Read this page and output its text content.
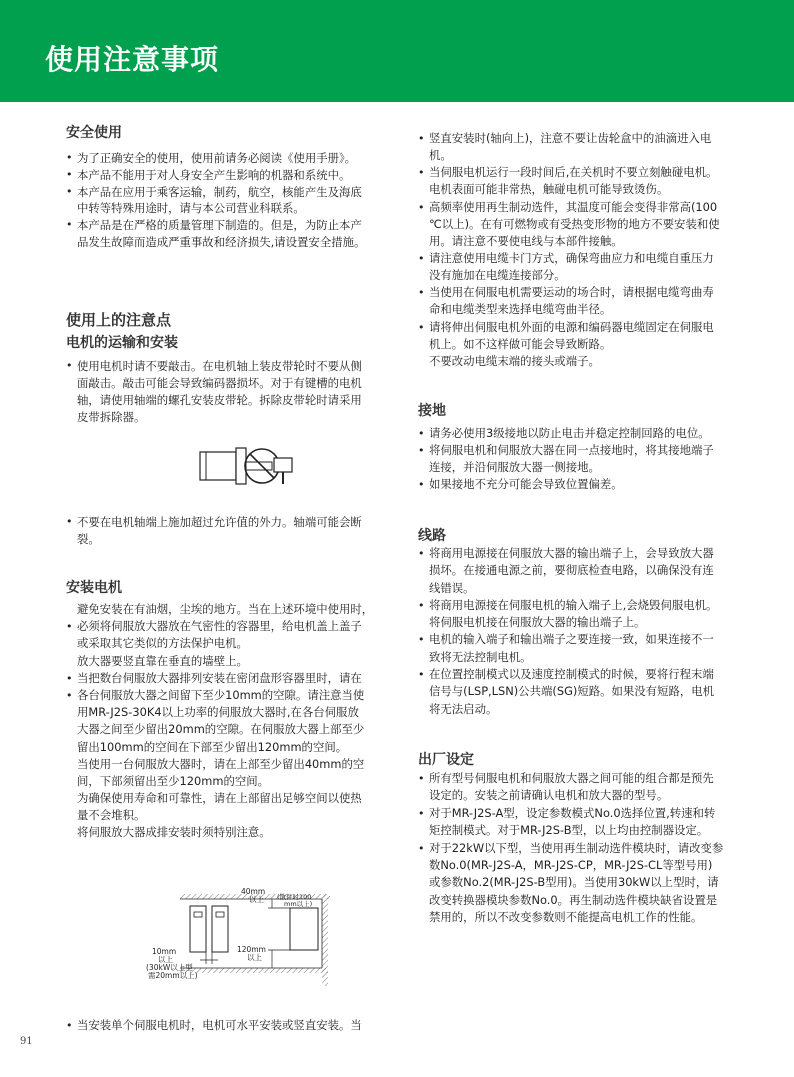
使用注意事项
安全使用
• 为了正确安全的使用，使用前请务必阅读《使用手册》。
• 本产品不能用于对人身安全产生影响的机器和系统中。
• 本产品在应用于乘客运输，制药，航空，核能产生及海底
中转等特殊用途时，请与本公司营业科联系。
• 本产品是在严格的质量管理下制造的。但是，为防止本产
品发生故障而造成严重事故和经济损失,请设置安全措施。
使用上的注意点
电机的运输和安装
• 使用电机时请不要敲击。在电机轴上装皮带轮时不要从侧
面敲击。敲击可能会导致编码器损坏。对于有键槽的电机
轴，请使用轴端的螺孔安装皮带轮。拆除皮带轮时请采用
皮带拆除器。
• 不要在电机轴端上施加超过允许值的外力。轴端可能会断
裂。
安装电机
避免安装在有油烟，尘埃的地方。当在上述环境中使用时，
• 必须将伺服放大器放在气密性的容器里，给电机盖上盖子
或采取其它类似的方法保护电机。
放大器要竖直靠在垂直的墙壁上。
• 当把数台伺服放大器排列安装在密闭盘形容器里时，请在
• 各台伺服放大器之间留下至少10mm的空隙。请注意当使
用MR-J2S-30K4以上功率的伺服放大器时,在各台伺服放
大器之间至少留出20mm的空隙。在伺服放大器上部至少
留出100mm的空间在下部至少留出120mm的空间。
当使用一台伺服放大器时，请在上部至少留出40mm的空
间，下部须留出至少120mm的空间。
为确保使用寿命和可靠性，请在上部留出足够空间以使热
量不会堆积。
将伺服放大器成排安装时须特别注意。
• 当安装单个伺服电机时，电机可水平安装或竖直安装。当
• 竖直安装时(轴向上)，注意不要让齿轮盒中的油滴进入电
机。
• 当伺服电机运行一段时间后,在关机时不要立刻触碰电机。
电机表面可能非常热，触碰电机可能导致烫伤。
• 高频率使用再生制动选件，其温度可能会变得非常高(100
℃以上)。在有可燃物或有受热变形物的地方不要安装和使
用。请注意不要使电线与本部件接触。
• 请注意使用电缆卡门方式，确保弯曲应力和电缆自重压力
没有施加在电缆连接部分。
• 当使用在伺服电机需要运动的场合时，请根据电缆弯曲寿
命和电缆类型来选择电缆弯曲半径。
• 请将伸出伺服电机外面的电源和编码器电缆固定在伺服电
机上。如不这样做可能会导致断路。
不要改动电缆末端的接头或端子。
接地
• 请务必使用3级接地以防止电击并稳定控制回路的电位。
• 将伺服电机和伺服放大器在同一点接地时，将其接地端子
连接，并沿伺服放大器一侧接地。
• 如果接地不充分可能会导致位置偏差。
线路
• 将商用电源接在伺服放大器的输出端子上，会导致放大器
损坏。在接通电源之前，要彻底检查电路，以确保没有连
线错误。
• 将商用电源接在伺服电机的输入端子上,会烧毁伺服电机。
将伺服电机接在伺服放大器的输出端子上。
• 电机的输入端子和输出端子之要连接一致，如果连接不一
致将无法控制电机。
• 在位置控制模式以及速度控制模式的时候，要将行程末端
信号与(LSP,LSN)公共端(SG)短路。如果没有短路，电机
将无法启动。
出厂设定
• 所有型号伺服电机和伺服放大器之间可能的组合都是预先
设定的。安装之前请确认电机和放大器的型号。
• 对于MR-J2S-A型，设定参数模式No.0选择位置,转速和转
矩控制模式。对于MR-J2S-B型，以上均由控制器设定。
• 对于22kW以下型，当使用再生制动选件模块时，请改变参
数No.0(MR-J2S-A，MR-J2S-CP，MR-J2S-CL等型号用)
或参数No.2(MR-J2S-B型用)。当使用30kW以上型时，请
改变转换器模块参数No.0。再生制动选件模块缺省设置是
禁用的，所以不改变参数则不能提高电机工作的性能。
40mm
以上 (散件时100
mm以上)
120mm
以上
10mm
以上
(30kW以上型
需20mm以上)
91
